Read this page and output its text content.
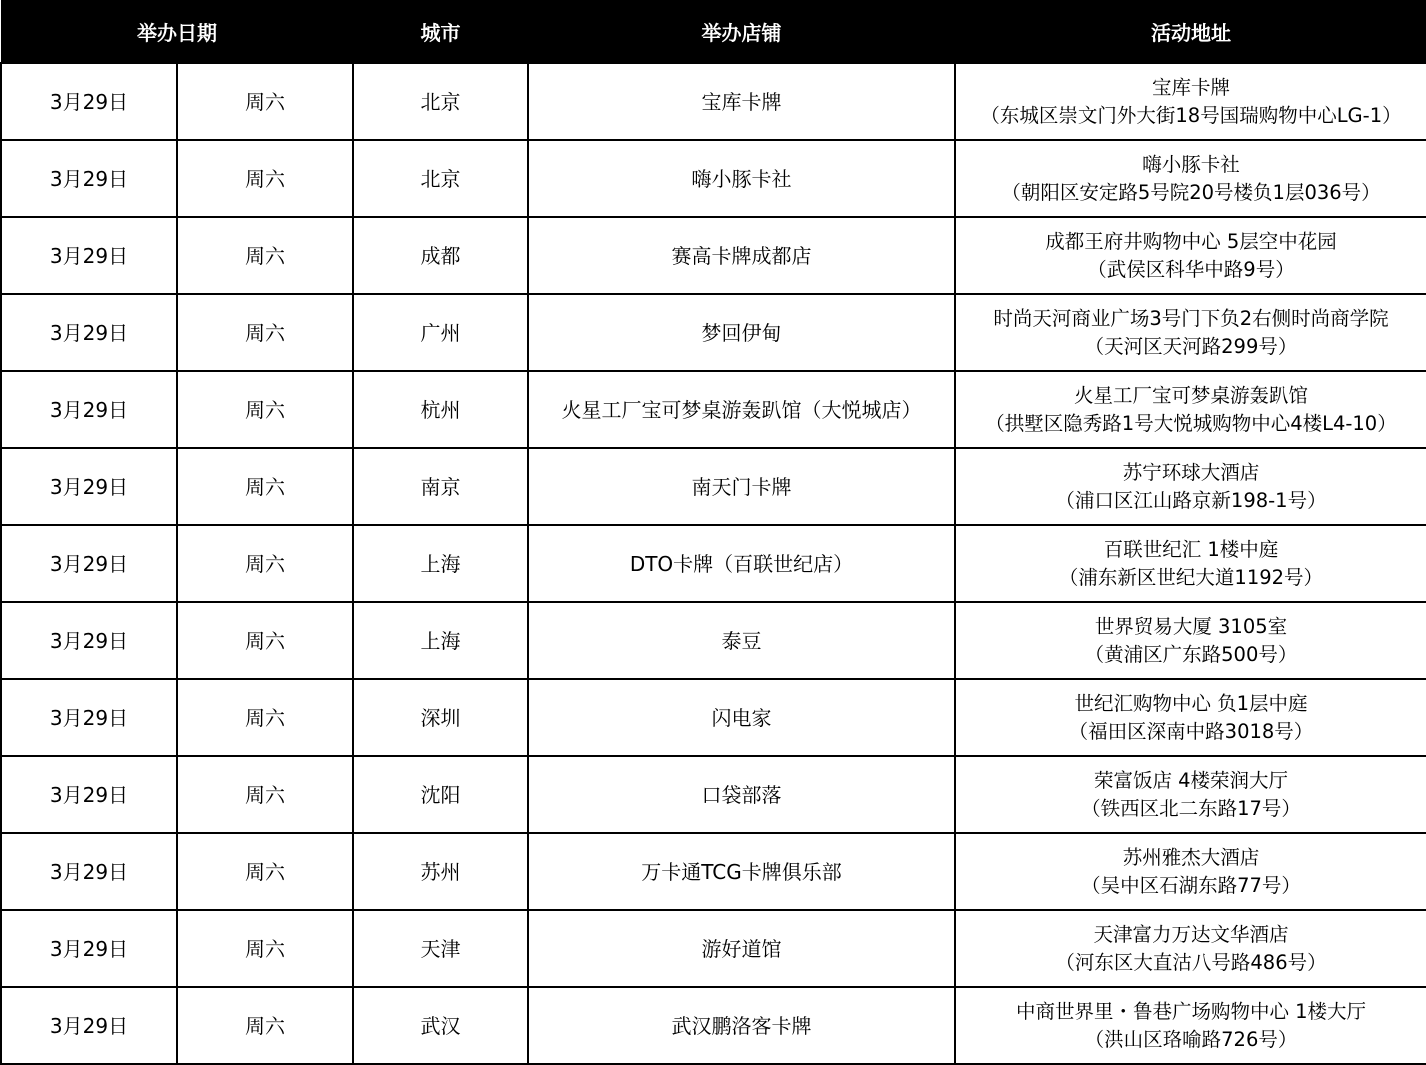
举办日期		城市	举办店铺	活动地址
3月29日	周六	北京	宝库卡牌	宝库卡牌
（东城区崇文门外大街18号国瑞购物中心LG-1）

3月29日	周六	北京	嗨小豚卡社	嗨小豚卡社
（朝阳区安定路5号院20号楼负1层036号）

3月29日	周六	成都	赛高卡牌成都店	成都王府井购物中心 5层空中花园
（武侯区科华中路9号）

3月29日	周六	广州	梦回伊甸	时尚天河商业广场3号门下负2右侧时尚商学院
（天河区天河路299号）

3月29日	周六	杭州	火星工厂宝可梦桌游轰趴馆（大悦城店）	火星工厂宝可梦桌游轰趴馆
（拱墅区隐秀路1号大悦城购物中心4楼L4-10）

3月29日	周六	南京	南天门卡牌	苏宁环球大酒店
（浦口区江山路京新198-1号）

3月29日	周六	上海	DTO卡牌（百联世纪店）	百联世纪汇 1楼中庭
（浦东新区世纪大道1192号）

3月29日	周六	上海	泰豆	世界贸易大厦 3105室
（黄浦区广东路500号）

3月29日	周六	深圳	闪电家	世纪汇购物中心 负1层中庭
（福田区深南中路3018号）

3月29日	周六	沈阳	口袋部落	荣富饭店 4楼荣润大厅
（铁西区北二东路17号）

3月29日	周六	苏州	万卡通TCG卡牌俱乐部	苏州雅杰大酒店
（吴中区石湖东路77号）

3月29日	周六	天津	游好道馆	天津富力万达文华酒店
（河东区大直沽八号路486号）

3月29日	周六	武汉	武汉鹏洛客卡牌	中商世界里・鲁巷广场购物中心 1楼大厅
（洪山区珞喻路726号）
